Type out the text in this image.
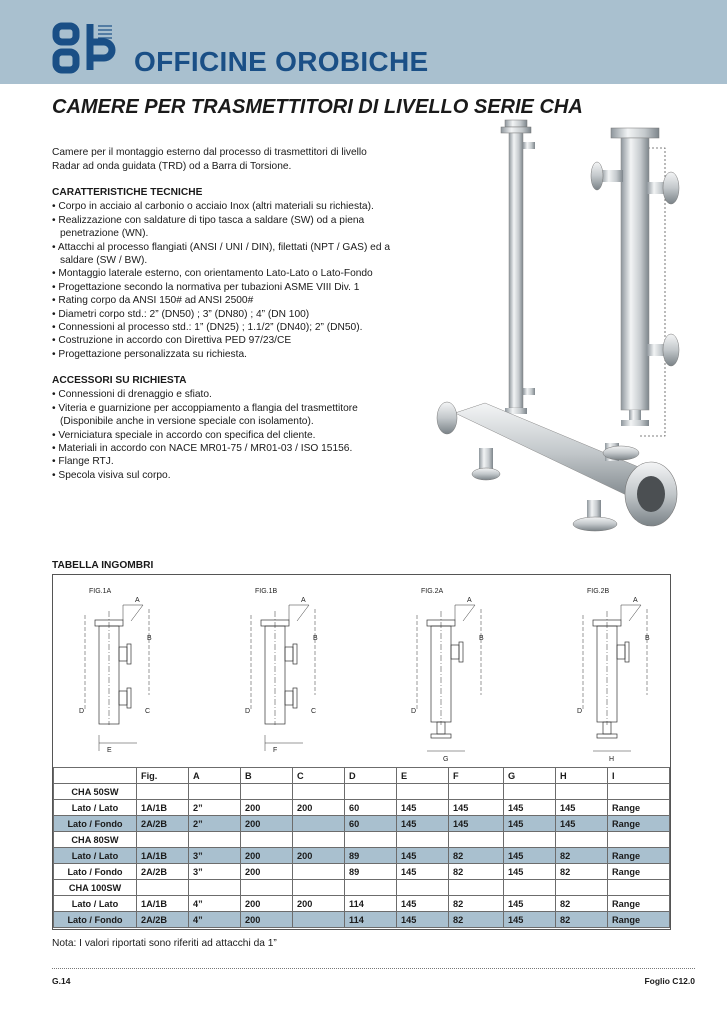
OFFICINE OROBICHE
CAMERE PER TRASMETTITORI DI LIVELLO SERIE CHA
Camere per il montaggio esterno dal processo di trasmettitori di livello Radar ad onda guidata (TRD) od a Barra di Torsione.
CARATTERISTICHE TECNICHE
• Corpo in acciaio al carbonio o acciaio Inox (altri materiali su richiesta).
• Realizzazione con saldature di tipo tasca a saldare (SW) od a piena penetrazione (WN).
• Attacchi al processo flangiati (ANSI / UNI / DIN), filettati (NPT / GAS) ed a saldare (SW / BW).
• Montaggio laterale esterno, con orientamento Lato-Lato o Lato-Fondo
• Progettazione secondo la normativa per tubazioni ASME VIII Div. 1
• Rating corpo da ANSI 150# ad ANSI 2500#
• Diametri corpo std.: 2” (DN50) ; 3” (DN80) ; 4” (DN 100)
• Connessioni al processo std.: 1” (DN25) ; 1.1/2” (DN40); 2” (DN50).
• Costruzione in accordo con Direttiva PED 97/23/CE
• Progettazione personalizzata su richiesta.
ACCESSORI SU RICHIESTA
• Connessioni di drenaggio e sfiato.
• Viteria e guarnizione per accoppiamento a flangia del trasmettitore (Disponibile anche in versione speciale con isolamento).
• Verniciatura speciale in accordo con specifica del cliente.
• Materiali in accordo con NACE MR01-75 / MR01-03 / ISO 15156.
• Flange RTJ.
• Specola visiva sul corpo.
TABELLA INGOMBRI
FIG.1A
A
B
C
D
E
FIG.1B
A
B
C
D
F
FIG.2A
A
B
D
G
FIG.2B
A
B
D
H
	Fig.	A	B	C	D	E	F	G	H	I
CHA 50SW										
Lato / Lato	1A/1B	2”	200	200	60	145	145	145	145	Range
Lato / Fondo	2A/2B	2”	200		60	145	145	145	145	Range
CHA 80SW										
Lato / Lato	1A/1B	3”	200	200	89	145	82	145	82	Range
Lato / Fondo	2A/2B	3”	200		89	145	82	145	82	Range
CHA 100SW										
Lato / Lato	1A/1B	4”	200	200	114	145	82	145	82	Range
Lato / Fondo	2A/2B	4”	200		114	145	82	145	82	Range
Nota: I valori riportati sono riferiti ad attacchi da 1”
G.14	Foglio C12.0
